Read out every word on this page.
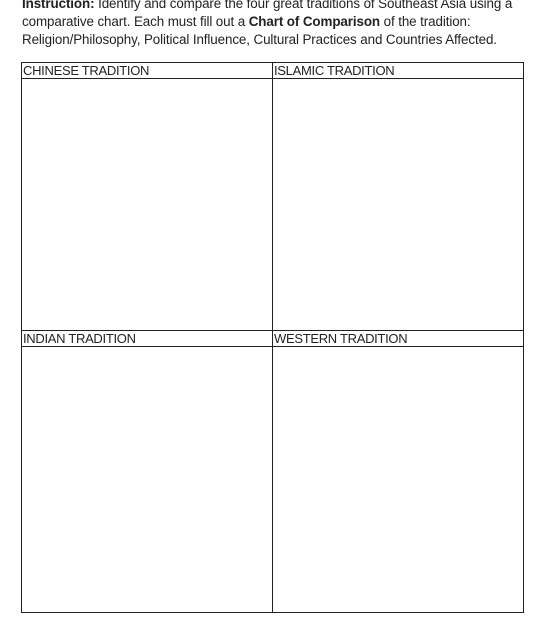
Instruction: Identify and compare the four great traditions of Southeast Asia using a comparative chart. Each must fill out a Chart of Comparison of the tradition: Religion/Philosophy, Political Influence, Cultural Practices and Countries Affected.

CHINESE TRADITION	ISLAMIC TRADITION

INDIAN TRADITION	WESTERN TRADITION
